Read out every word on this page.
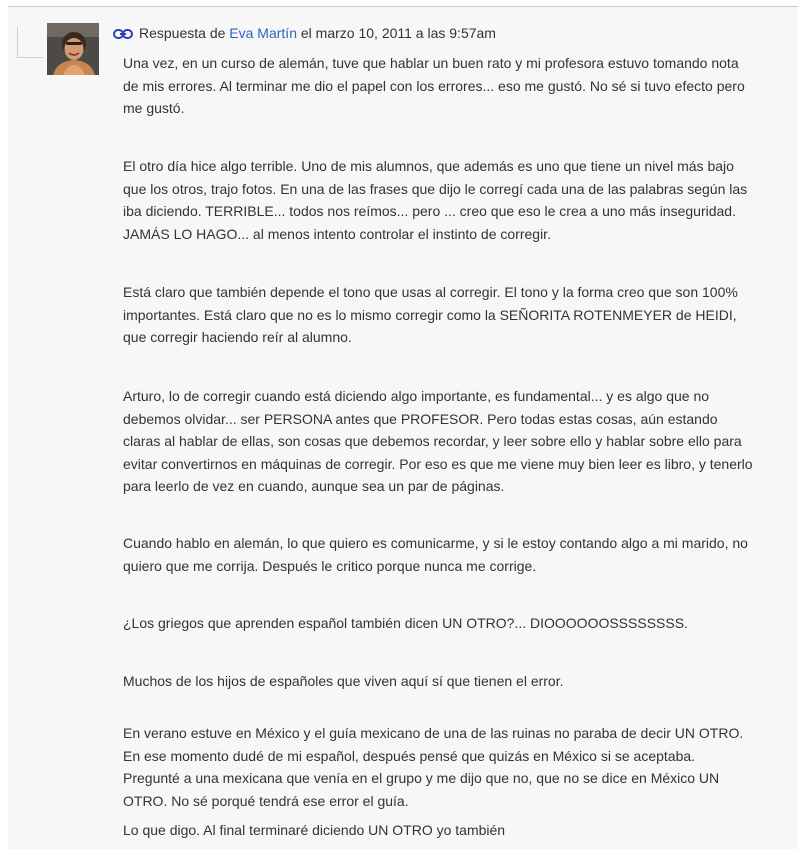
Respuesta de Eva Martín el marzo 10, 2011 a las 9:57am

Una vez, en un curso de alemán, tuve que hablar un buen rato y mi profesora estuvo tomando nota de mis errores. Al terminar me dio el papel con los errores... eso me gustó. No sé si tuvo efecto pero me gustó.

El otro día hice algo terrible. Uno de mis alumnos, que además es uno que tiene un nivel más bajo que los otros, trajo fotos. En una de las frases que dijo le corregí cada una de las palabras según las iba diciendo. TERRIBLE... todos nos reímos... pero ... creo que eso le crea a uno más inseguridad. JAMÁS LO HAGO... al menos intento controlar el instinto de corregir.

Está claro que también depende el tono que usas al corregir. El tono y la forma creo que son 100% importantes. Está claro que no es lo mismo corregir como la SEÑORITA ROTENMEYER de HEIDI, que corregir haciendo reír al alumno.

Arturo, lo de corregir cuando está diciendo algo importante, es fundamental... y es algo que no debemos olvidar... ser PERSONA antes que PROFESOR. Pero todas estas cosas, aún estando claras al hablar de ellas, son cosas que debemos recordar, y leer sobre ello y hablar sobre ello para evitar convertirnos en máquinas de corregir. Por eso es que me viene muy bien leer es libro, y tenerlo para leerlo de vez en cuando, aunque sea un par de páginas.

Cuando hablo en alemán, lo que quiero es comunicarme, y si le estoy contando algo a mi marido, no quiero que me corrija. Después le critico porque nunca me corrige.

¿Los griegos que aprenden español también dicen UN OTRO?... DIOOOOOOSSSSSSSS.

Muchos de los hijos de españoles que viven aquí sí que tienen el error.

En verano estuve en México y el guía mexicano de una de las ruinas no paraba de decir UN OTRO. En ese momento dudé de mi español, después pensé que quizás en México si se aceptaba. Pregunté a una mexicana que venía en el grupo y me dijo que no, que no se dice en México UN OTRO. No sé porqué tendrá ese error el guía.

Lo que digo. Al final terminaré diciendo UN OTRO yo también
